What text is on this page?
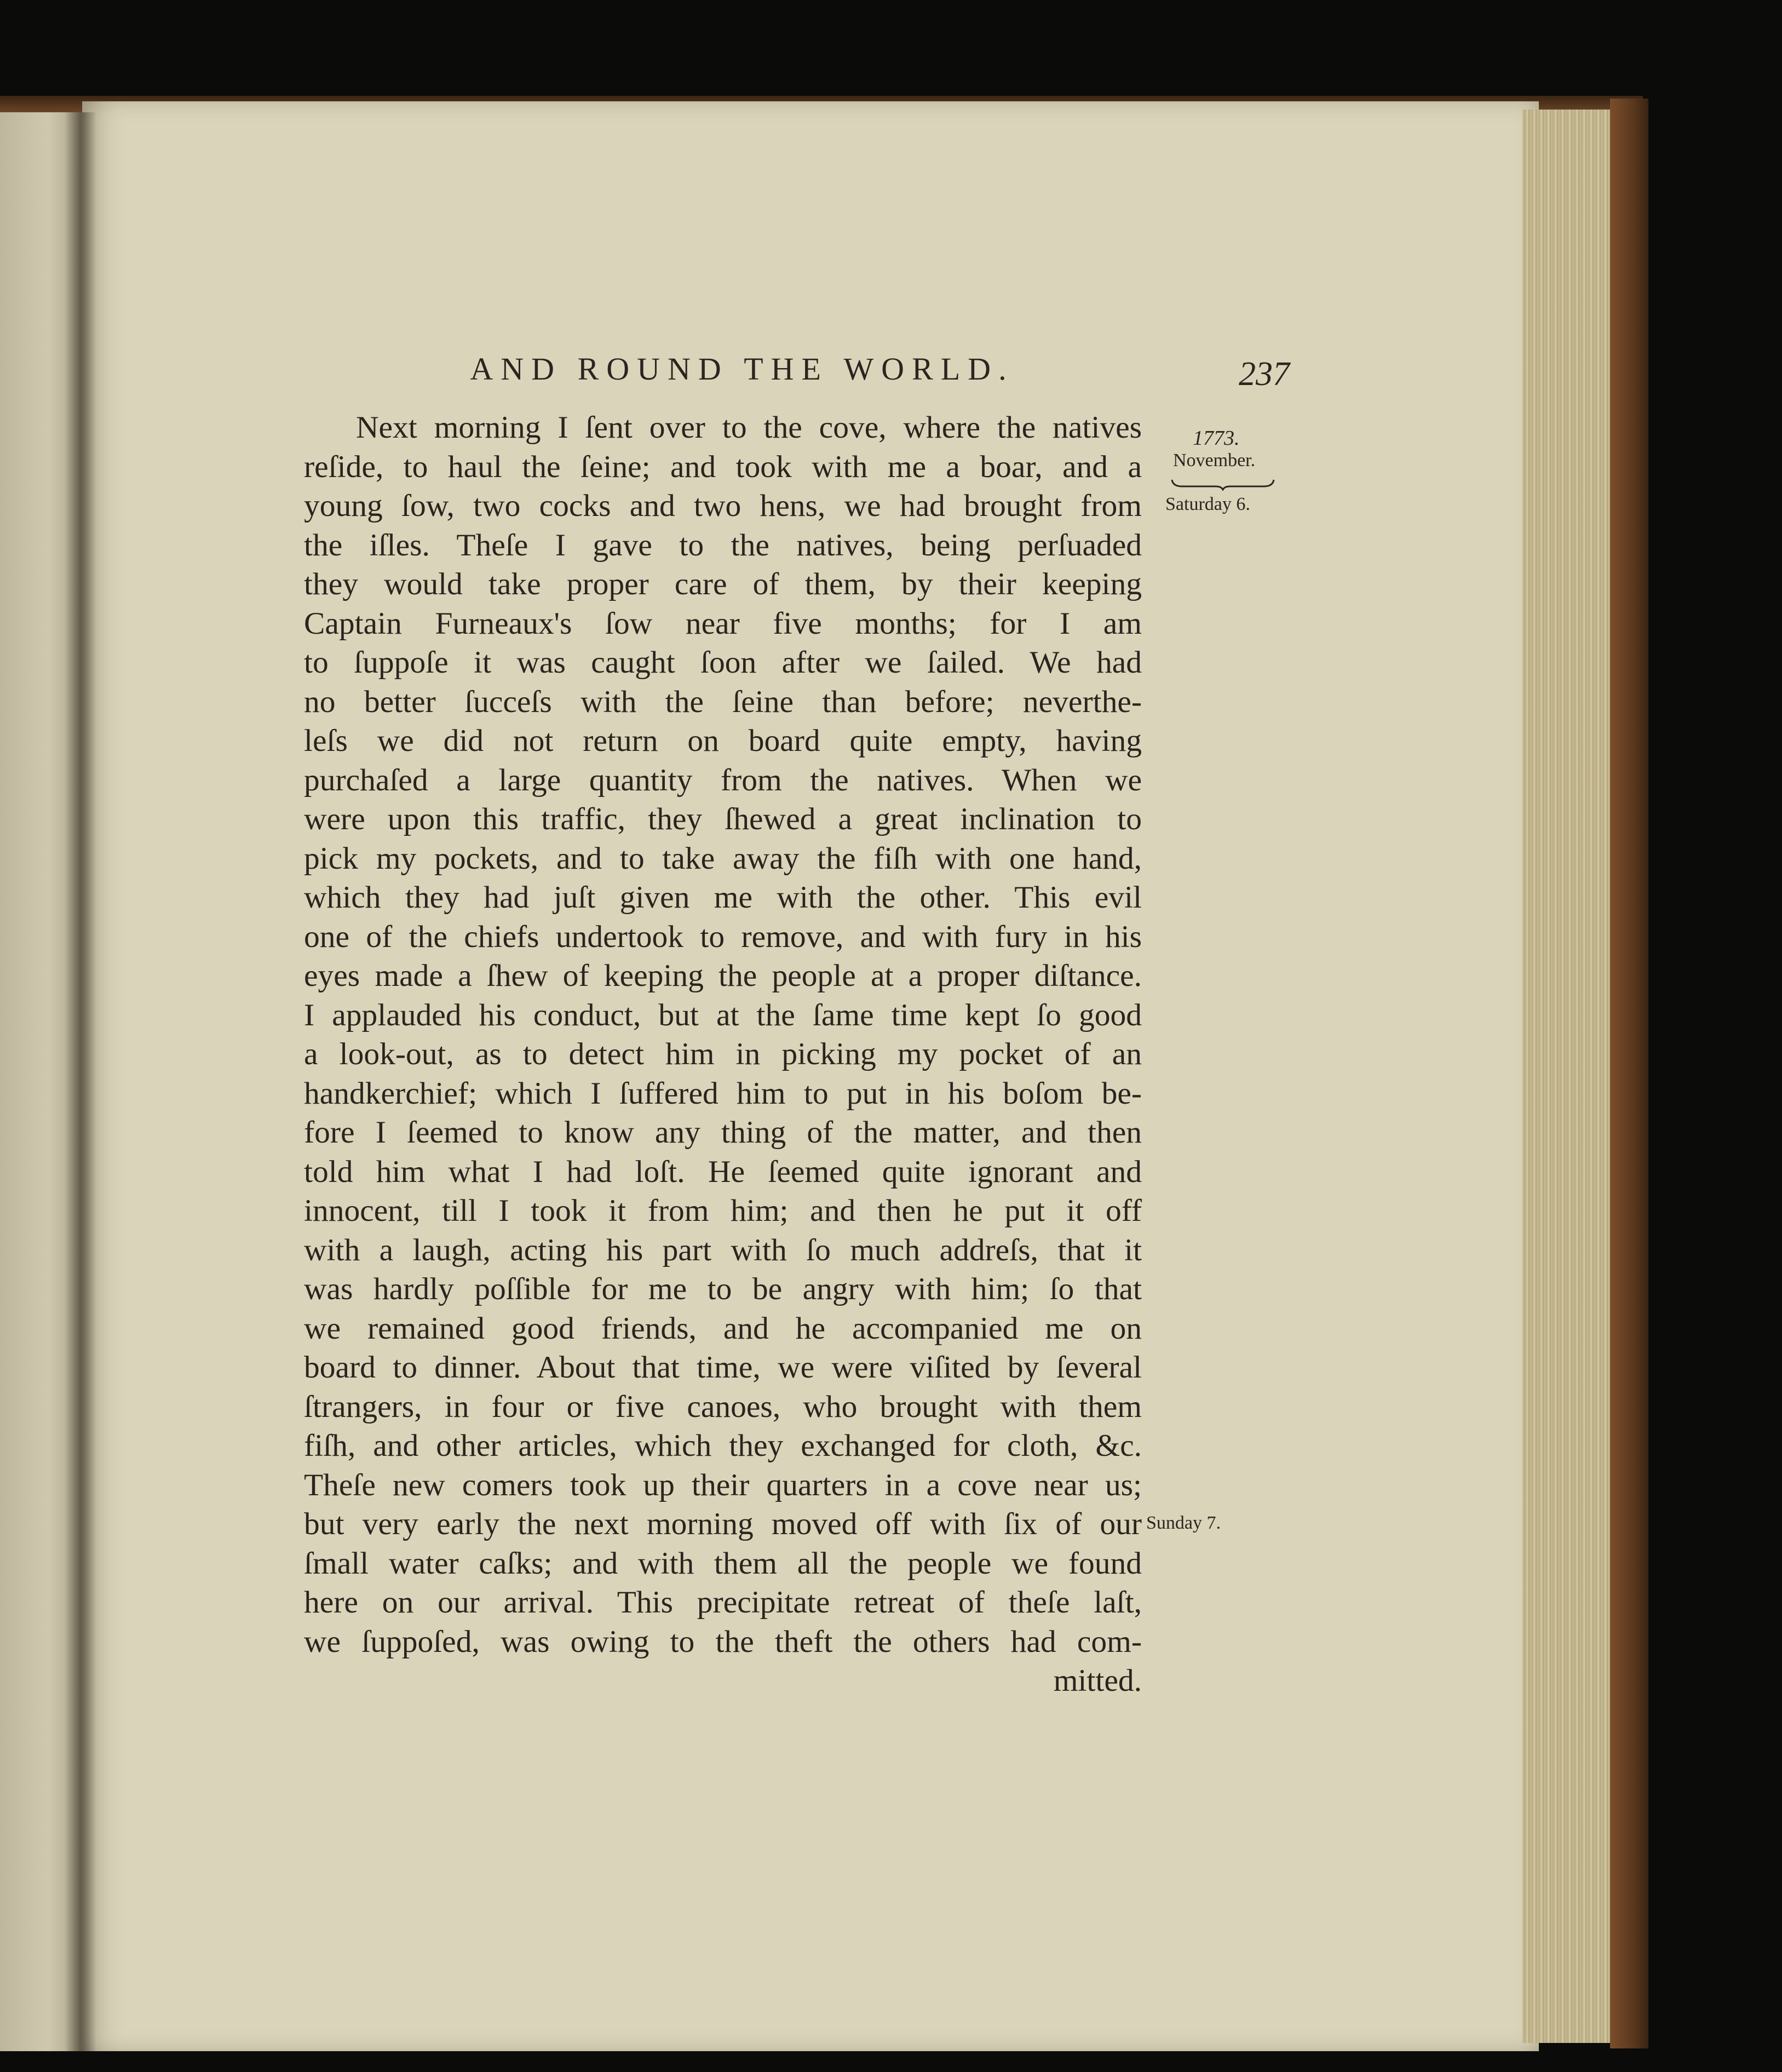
AND ROUND THE WORLD.	237
1773.
November.
Saturday 6.
Sunday 7.
Next morning I ſent over to the cove, where the natives
reſide, to haul the ſeine; and took with me a boar, and a
young ſow, two cocks and two hens, we had brought from
the iſles. Theſe I gave to the natives, being perſuaded
they would take proper care of them, by their keeping
Captain Furneaux's ſow near five months; for I am
to ſuppoſe it was caught ſoon after we ſailed. We had
no better ſucceſs with the ſeine than before; neverthe-
leſs we did not return on board quite empty, having
purchaſed a large quantity from the natives. When we
were upon this traffic, they ſhewed a great inclination to
pick my pockets, and to take away the fiſh with one hand,
which they had juſt given me with the other. This evil
one of the chiefs undertook to remove, and with fury in his
eyes made a ſhew of keeping the people at a proper diſtance.
I applauded his conduct, but at the ſame time kept ſo good
a look-out, as to detect him in picking my pocket of an
handkerchief; which I ſuffered him to put in his boſom be-
fore I ſeemed to know any thing of the matter, and then
told him what I had loſt. He ſeemed quite ignorant and
innocent, till I took it from him; and then he put it off
with a laugh, acting his part with ſo much addreſs, that it
was hardly poſſible for me to be angry with him; ſo that
we remained good friends, and he accompanied me on
board to dinner. About that time, we were viſited by ſeveral
ſtrangers, in four or five canoes, who brought with them
fiſh, and other articles, which they exchanged for cloth, &c.
Theſe new comers took up their quarters in a cove near us;
but very early the next morning moved off with ſix of our
ſmall water caſks; and with them all the people we found
here on our arrival. This precipitate retreat of theſe laſt,
we ſuppoſed, was owing to the theft the others had com-
mitted.
